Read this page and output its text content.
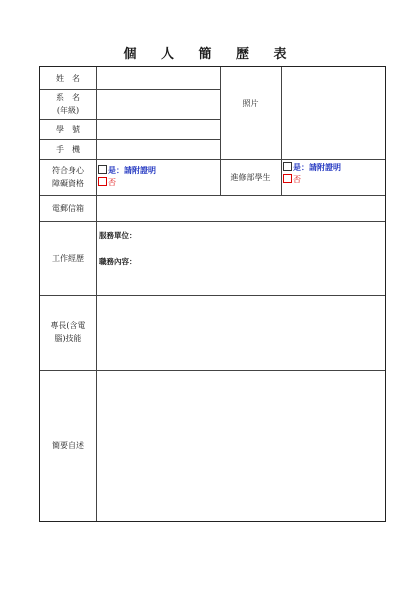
個 人 簡 歷 表
姓　名
系　名
(年級)
學　號
手　機
符合身心
障礙資格
電郵信箱
工作經歷
專長(含電
腦)技能
簡要自述
照片
是：請附證明
否
進修部學生
是：請附證明
否
服務單位：
職務內容：
